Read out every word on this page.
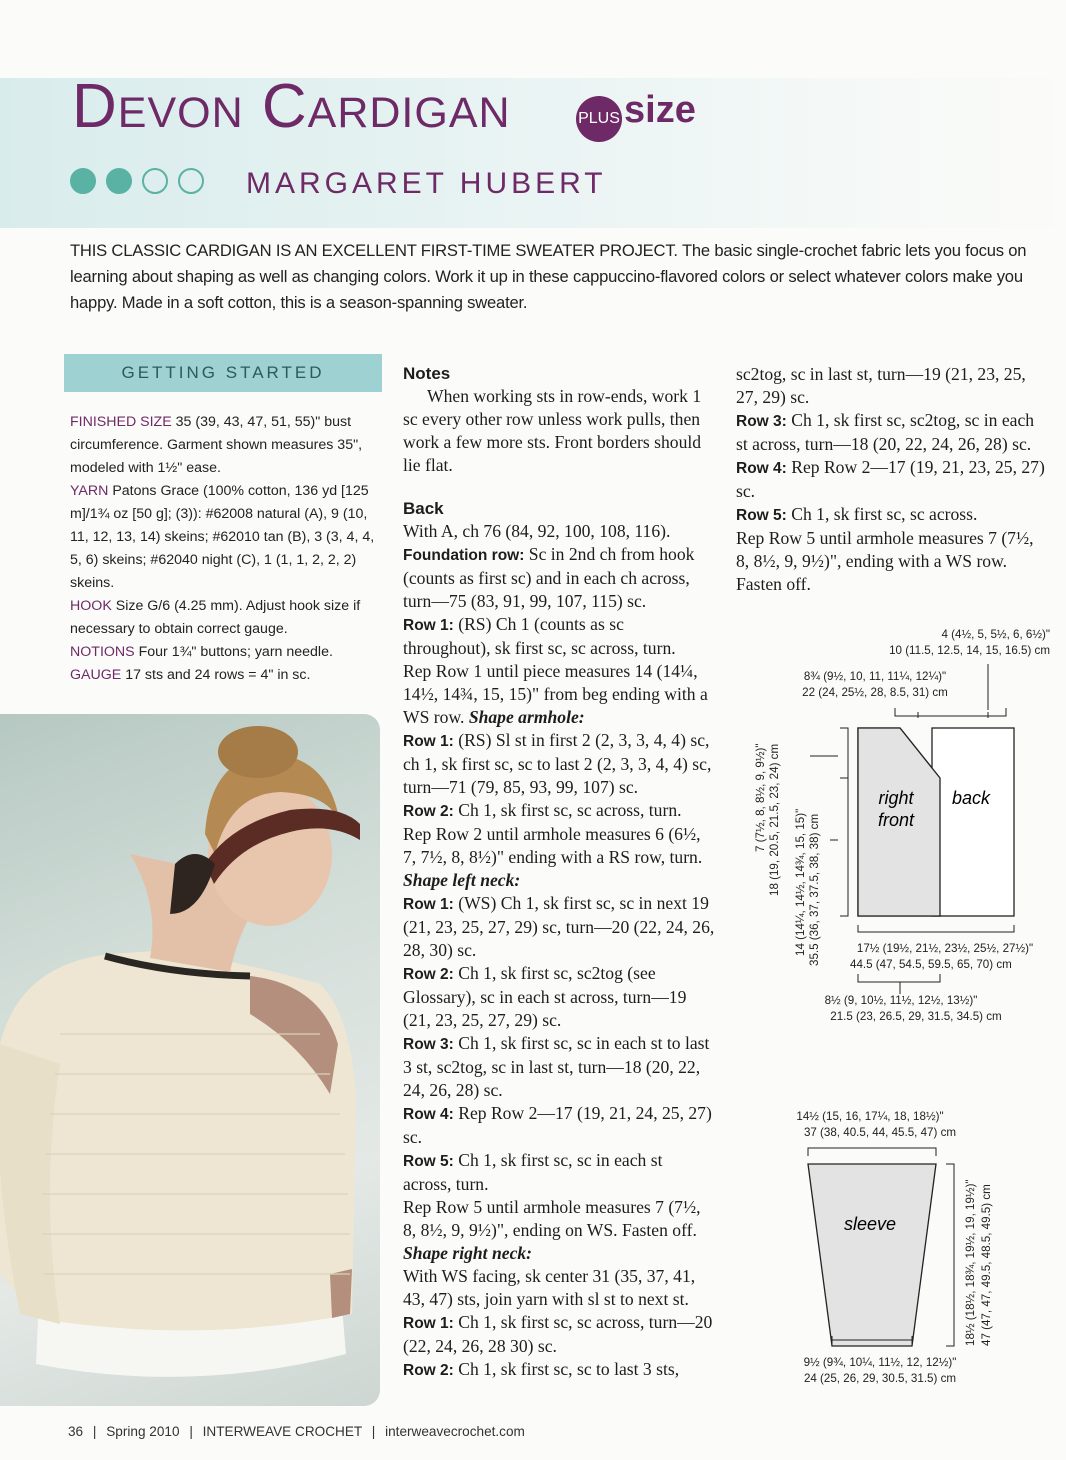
Devon Cardigan	PLUS size
MARGARET HUBERT
THIS CLASSIC CARDIGAN IS AN EXCELLENT FIRST-TIME SWEATER PROJECT. The basic single-crochet fabric lets you focus on learning about shaping as well as changing colors. Work it up in these cappuccino-flavored colors or select whatever colors make you happy. Made in a soft cotton, this is a season-spanning sweater.
GETTING STARTED

FINISHED SIZE 35 (39, 43, 47, 51, 55)" bust circumference. Garment shown measures 35", modeled with 1½" ease.

YARN Patons Grace (100% cotton, 136 yd [125 m]/1¾ oz [50 g]; (3)): #62008 natural (A), 9 (10, 11, 12, 13, 14) skeins; #62010 tan (B), 3 (3, 4, 4, 5, 6) skeins; #62040 night (C), 1 (1, 1, 2, 2, 2) skeins.

HOOK Size G/6 (4.25 mm). Adjust hook size if necessary to obtain correct gauge.

NOTIONS Four 1¾" buttons; yarn needle.

GAUGE 17 sts and 24 rows = 4" in sc.

Notes

When working sts in row-ends, work 1 sc every other row unless work pulls, then work a few more sts. Front borders should lie flat.

Back

With A, ch 76 (84, 92, 100, 108, 116).

Foundation row: Sc in 2nd ch from hook (counts as first sc) and in each ch across, turn—75 (83, 91, 99, 107, 115) sc.

Row 1: (RS) Ch 1 (counts as sc throughout), sk first sc, sc across, turn.

Rep Row 1 until piece measures 14 (14¼, 14½, 14¾, 15, 15)" from beg ending with a WS row. Shape armhole:

Row 1: (RS) Sl st in first 2 (2, 3, 3, 4, 4) sc, ch 1, sk first sc, sc to last 2 (2, 3, 3, 4, 4) sc, turn—71 (79, 85, 93, 99, 107) sc.

Row 2: Ch 1, sk first sc, sc across, turn.

Rep Row 2 until armhole measures 6 (6½, 7, 7½, 8, 8½)" ending with a RS row, turn. Shape left neck:

Row 1: (WS) Ch 1, sk first sc, sc in next 19 (21, 23, 25, 27, 29) sc, turn—20 (22, 24, 26, 28, 30) sc.

Row 2: Ch 1, sk first sc, sc2tog (see Glossary), sc in each st across, turn—19 (21, 23, 25, 27, 29) sc.

Row 3: Ch 1, sk first sc, sc in each st to last 3 st, sc2tog, sc in last st, turn—18 (20, 22, 24, 26, 28) sc.

Row 4: Rep Row 2—17 (19, 21, 24, 25, 27) sc.

Row 5: Ch 1, sk first sc, sc in each st across, turn.

Rep Row 5 until armhole measures 7 (7½, 8, 8½, 9, 9½)", ending on WS. Fasten off. Shape right neck:

With WS facing, sk center 31 (35, 37, 41, 43, 47) sts, join yarn with sl st to next st.

Row 1: Ch 1, sk first sc, sc across, turn—20 (22, 24, 26, 28 30) sc.

Row 2: Ch 1, sk first sc, sc to last 3 sts,

sc2tog, sc in last st, turn—19 (21, 23, 25, 27, 29) sc.

Row 3: Ch 1, sk first sc, sc2tog, sc in each st across, turn—18 (20, 22, 24, 26, 28) sc.

Row 4: Rep Row 2—17 (19, 21, 23, 25, 27) sc.

Row 5: Ch 1, sk first sc, sc across.

Rep Row 5 until armhole measures 7 (7½, 8, 8½, 9, 9½)", ending with a WS row. Fasten off.

right
front
back
4 (4½, 5, 5½, 6, 6½)"
10 (11.5, 12.5, 14, 15, 16.5) cm
8¾ (9½, 10, 11, 11¼, 12¼)"
22 (24, 25½, 28, 8.5, 31) cm
7 (7½, 8, 8½, 9, 9½)" 18 (19, 20.5, 21.5, 23, 24) cm 14 (14¼, 14½, 14¾, 15, 15)" 35.5 (36, 37, 37.5, 38, 38) cm	17½ (19½, 21½, 23½, 25½, 27½)"
44.5 (47, 54.5, 59.5, 65, 70) cm
8½ (9, 10½, 11½, 12½, 13½)"
21.5 (23, 26.5, 29, 31.5, 34.5) cm
sleeve
14½ (15, 16, 17¼, 18, 18½)"
37 (38, 40.5, 44, 45.5, 47) cm
18½ (18½, 18¾, 19½, 19, 19½)" 47 (47, 47, 49.5, 48.5, 49.5) cm
9½ (9¾, 10¼, 11½, 12, 12½)"
24 (25, 26, 29, 30.5, 31.5) cm
36 | Spring 2010 | INTERWEAVE CROCHET | interweavecrochet.com
